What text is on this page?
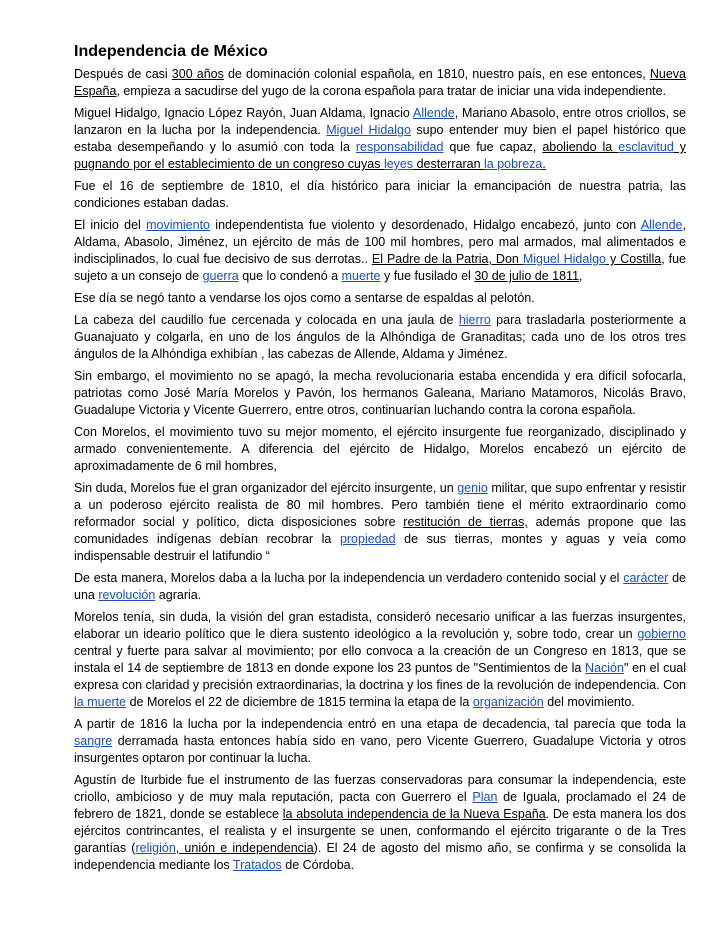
Independencia de México

Después de casi 300 años de dominación colonial española, en 1810, nuestro país, en ese entonces, Nueva España, empieza a sacudirse del yugo de la corona española para tratar de iniciar una vida independiente.

Miguel Hidalgo, Ignacio López Rayón, Juan Aldama, Ignacio Allende, Mariano Abasolo, entre otros criollos, se lanzaron en la lucha por la independencia. Miguel Hidalgo supo entender muy bien el papel histórico que estaba desempeñando y lo asumió con toda la responsabilidad que fue capaz, aboliendo la esclavitud y pugnando por el establecimiento de un congreso cuyas leyes desterraran la pobreza.

Fue el 16 de septiembre de 1810, el día histórico para iniciar la emancipación de nuestra patria, las condiciones estaban dadas.

El inicio del movimiento independentista fue violento y desordenado, Hidalgo encabezó, junto con Allende, Aldama, Abasolo, Jiménez, un ejército de más de 100 mil hombres, pero mal armados, mal alimentados e indisciplinados, lo cual fue decisivo de sus derrotas.. El Padre de la Patria, Don Miguel Hidalgo y Costilla, fue sujeto a un consejo de guerra que lo condenó a muerte y fue fusilado el 30 de julio de 1811,

Ese día se negó tanto a vendarse los ojos como a sentarse de espaldas al pelotón.

La cabeza del caudillo fue cercenada y colocada en una jaula de hierro para trasladarla posteriormente a Guanajuato y colgarla, en uno de los ángulos de la Alhóndiga de Granaditas; cada uno de los otros tres ángulos de la Alhóndiga exhibían , las cabezas de Allende, Aldama y Jiménez.

Sin embargo, el movimiento no se apagó, la mecha revolucionaria estaba encendida y era difícil sofocarla, patriotas como José María Morelos y Pavón, los hermanos Galeana, Mariano Matamoros, Nicolás Bravo, Guadalupe Victoria y Vicente Guerrero, entre otros, continuarían luchando contra la corona española.

Con Morelos, el movimiento tuvo su mejor momento, el ejército insurgente fue reorganizado, disciplinado y armado convenientemente. A diferencia del ejército de Hidalgo, Morelos encabezó un ejército de aproximadamente de 6 mil hombres,

Sin duda, Morelos fue el gran organizador del ejército insurgente, un genio militar, que supo enfrentar y resistir a un poderoso ejército realista de 80 mil hombres. Pero también tiene el mérito extraordinario como reformador social y político, dicta disposiciones sobre restitución de tierras, además propone que las comunidades indígenas debían recobrar la propiedad de sus tierras, montes y aguas y veía como indispensable destruir el latifundio “

De esta manera, Morelos daba a la lucha por la independencia un verdadero contenido social y el carácter de una revolución agraria.

Morelos tenía, sin duda, la visión del gran estadista, consideró necesario unificar a las fuerzas insurgentes, elaborar un ideario político que le diera sustento ideológico a la revolución y, sobre todo, crear un gobierno central y fuerte para salvar al movimiento; por ello convoca a la creación de un Congreso en 1813, que se instala el 14 de septiembre de 1813 en donde expone los 23 puntos de "Sentimientos de la Nación" en el cual expresa con claridad y precisión extraordinarias, la doctrina y los fines de la revolución de independencia. Con la muerte de Morelos el 22 de diciembre de 1815 termina la etapa de la organización del movimiento.

A partir de 1816 la lucha por la independencia entró en una etapa de decadencia, tal parecía que toda la sangre derramada hasta entonces había sido en vano, pero Vicente Guerrero, Guadalupe Victoria y otros insurgentes optaron por continuar la lucha.

Agustín de Iturbide fue el instrumento de las fuerzas conservadoras para consumar la independencia, este criollo, ambicioso y de muy mala reputación, pacta con Guerrero el Plan de Iguala, proclamado el 24 de febrero de 1821, donde se establece la absoluta independencia de la Nueva España. De esta manera los dos ejércitos contrincantes, el realista y el insurgente se unen, conformando el ejército trigarante o de la Tres garantías (religión, unión e independencia). El 24 de agosto del mismo año, se confirma y se consolida la independencia mediante los Tratados de Córdoba.
